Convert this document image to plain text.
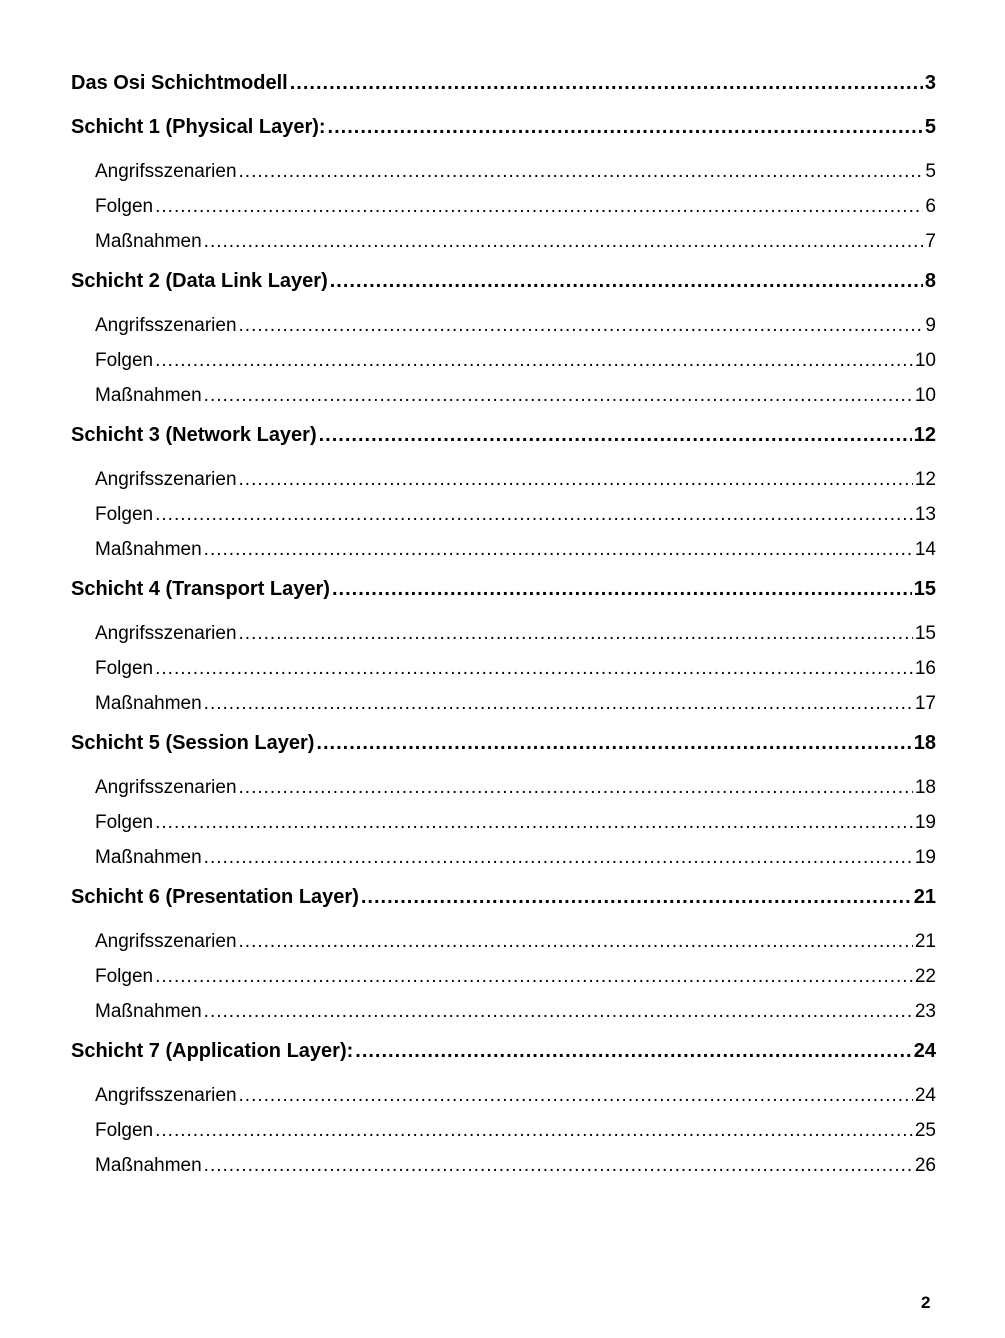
Das Osi Schichtmodell .....	3
Schicht 1 (Physical Layer): .....	5
Angrifsszenarien .....	5
Folgen .....	6
Maßnahmen .....	7
Schicht 2 (Data Link Layer) .....	8
Angrifsszenarien .....	9
Folgen .....	10
Maßnahmen .....	10
Schicht 3 (Network Layer) .....	12
Angrifsszenarien .....	12
Folgen .....	13
Maßnahmen .....	14
Schicht 4 (Transport Layer) .....	15
Angrifsszenarien .....	15
Folgen .....	16
Maßnahmen .....	17
Schicht 5 (Session Layer) .....	18
Angrifsszenarien .....	18
Folgen .....	19
Maßnahmen .....	19
Schicht 6 (Presentation Layer) .....	21
Angrifsszenarien .....	21
Folgen .....	22
Maßnahmen .....	23
Schicht 7 (Application Layer): .....	24
Angrifsszenarien .....	24
Folgen .....	25
Maßnahmen .....	26
2
